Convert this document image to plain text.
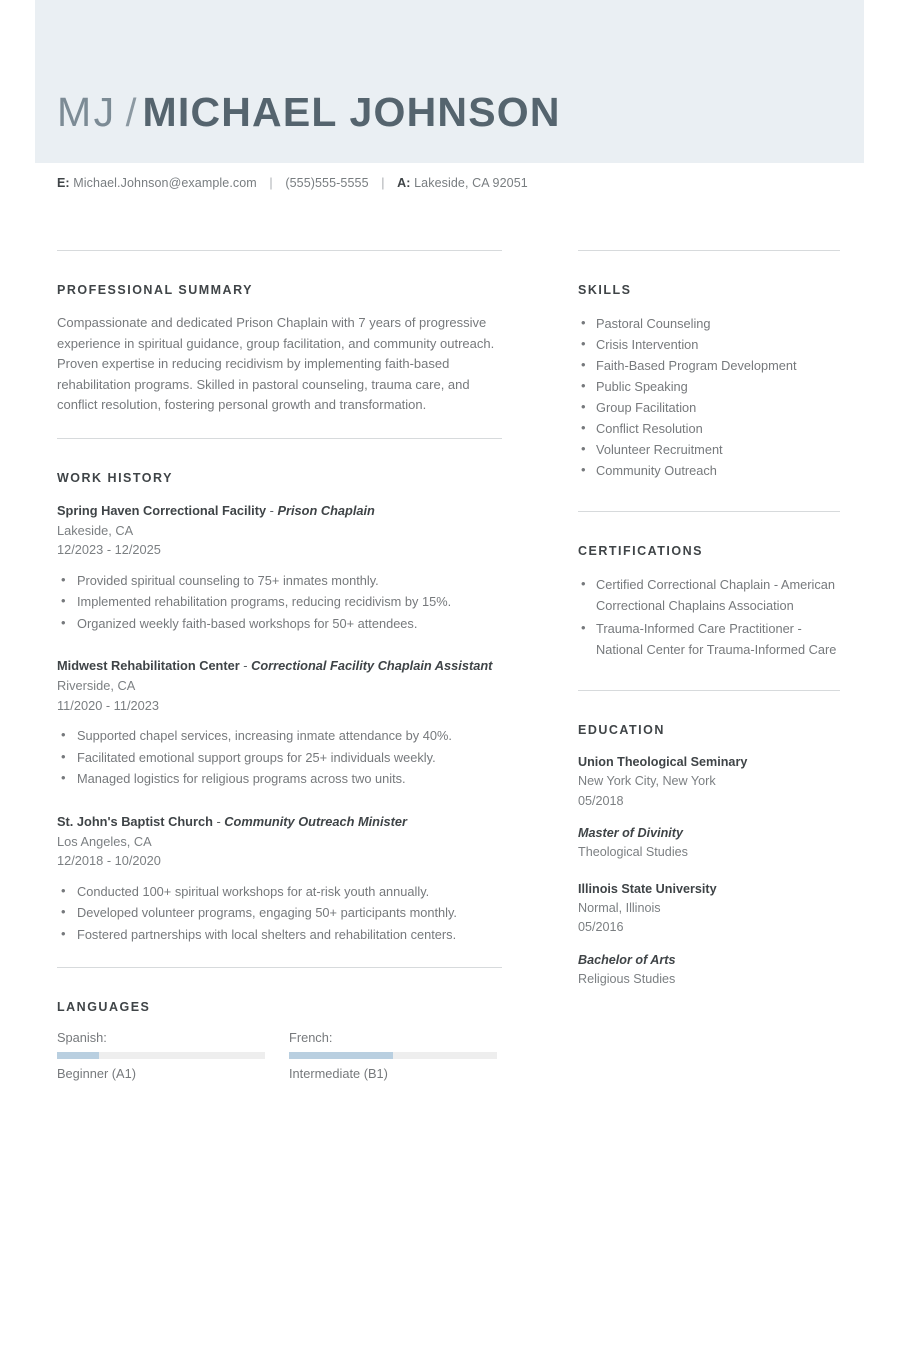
MJ / MICHAEL JOHNSON
E: Michael.Johnson@example.com | (555)555-5555 | A: Lakeside, CA 92051
PROFESSIONAL SUMMARY
Compassionate and dedicated Prison Chaplain with 7 years of progressive experience in spiritual guidance, group facilitation, and community outreach. Proven expertise in reducing recidivism by implementing faith-based rehabilitation programs. Skilled in pastoral counseling, trauma care, and conflict resolution, fostering personal growth and transformation.
WORK HISTORY
Spring Haven Correctional Facility - Prison Chaplain
Lakeside, CA
12/2023 - 12/2025
• Provided spiritual counseling to 75+ inmates monthly.
• Implemented rehabilitation programs, reducing recidivism by 15%.
• Organized weekly faith-based workshops for 50+ attendees.
Midwest Rehabilitation Center - Correctional Facility Chaplain Assistant
Riverside, CA
11/2020 - 11/2023
• Supported chapel services, increasing inmate attendance by 40%.
• Facilitated emotional support groups for 25+ individuals weekly.
• Managed logistics for religious programs across two units.
St. John's Baptist Church - Community Outreach Minister
Los Angeles, CA
12/2018 - 10/2020
• Conducted 100+ spiritual workshops for at-risk youth annually.
• Developed volunteer programs, engaging 50+ participants monthly.
• Fostered partnerships with local shelters and rehabilitation centers.
LANGUAGES
Spanish:
Beginner (A1)
French:
Intermediate (B1)
SKILLS
• Pastoral Counseling
• Crisis Intervention
• Faith-Based Program Development
• Public Speaking
• Group Facilitation
• Conflict Resolution
• Volunteer Recruitment
• Community Outreach
CERTIFICATIONS
• Certified Correctional Chaplain - American Correctional Chaplains Association
• Trauma-Informed Care Practitioner - National Center for Trauma-Informed Care
EDUCATION
Union Theological Seminary
New York City, New York
05/2018
Master of Divinity
Theological Studies
Illinois State University
Normal, Illinois
05/2016
Bachelor of Arts
Religious Studies
